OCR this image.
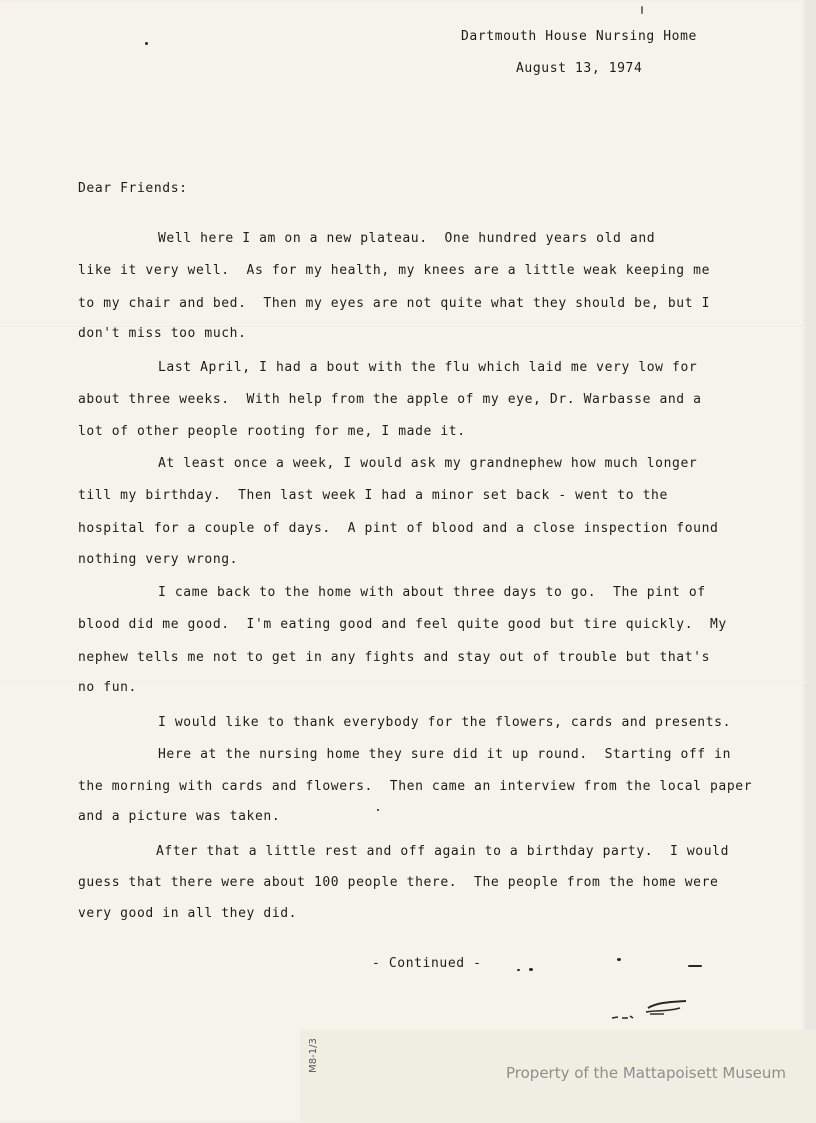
Dartmouth House Nursing Home
August 13, 1974
Dear Friends:
Well here I am on a new plateau.  One hundred years old and
like it very well.  As for my health, my knees are a little weak keeping me
to my chair and bed.  Then my eyes are not quite what they should be, but I
don't miss too much.
Last April, I had a bout with the flu which laid me very low for
about three weeks.  With help from the apple of my eye, Dr. Warbasse and a
lot of other people rooting for me, I made it.
At least once a week, I would ask my grandnephew how much longer
till my birthday.  Then last week I had a minor set back - went to the
hospital for a couple of days.  A pint of blood and a close inspection found
nothing very wrong.
I came back to the home with about three days to go.  The pint of
blood did me good.  I'm eating good and feel quite good but tire quickly.  My
nephew tells me not to get in any fights and stay out of trouble but that's
no fun.
I would like to thank everybody for the flowers, cards and presents.
Here at the nursing home they sure did it up round.  Starting off in
the morning with cards and flowers.  Then came an interview from the local paper
and a picture was taken.
After that a little rest and off again to a birthday party.  I would
guess that there were about 100 people there.  The people from the home were
very good in all they did.
- Continued -
M8-1/3
Property of the Mattapoisett Museum
